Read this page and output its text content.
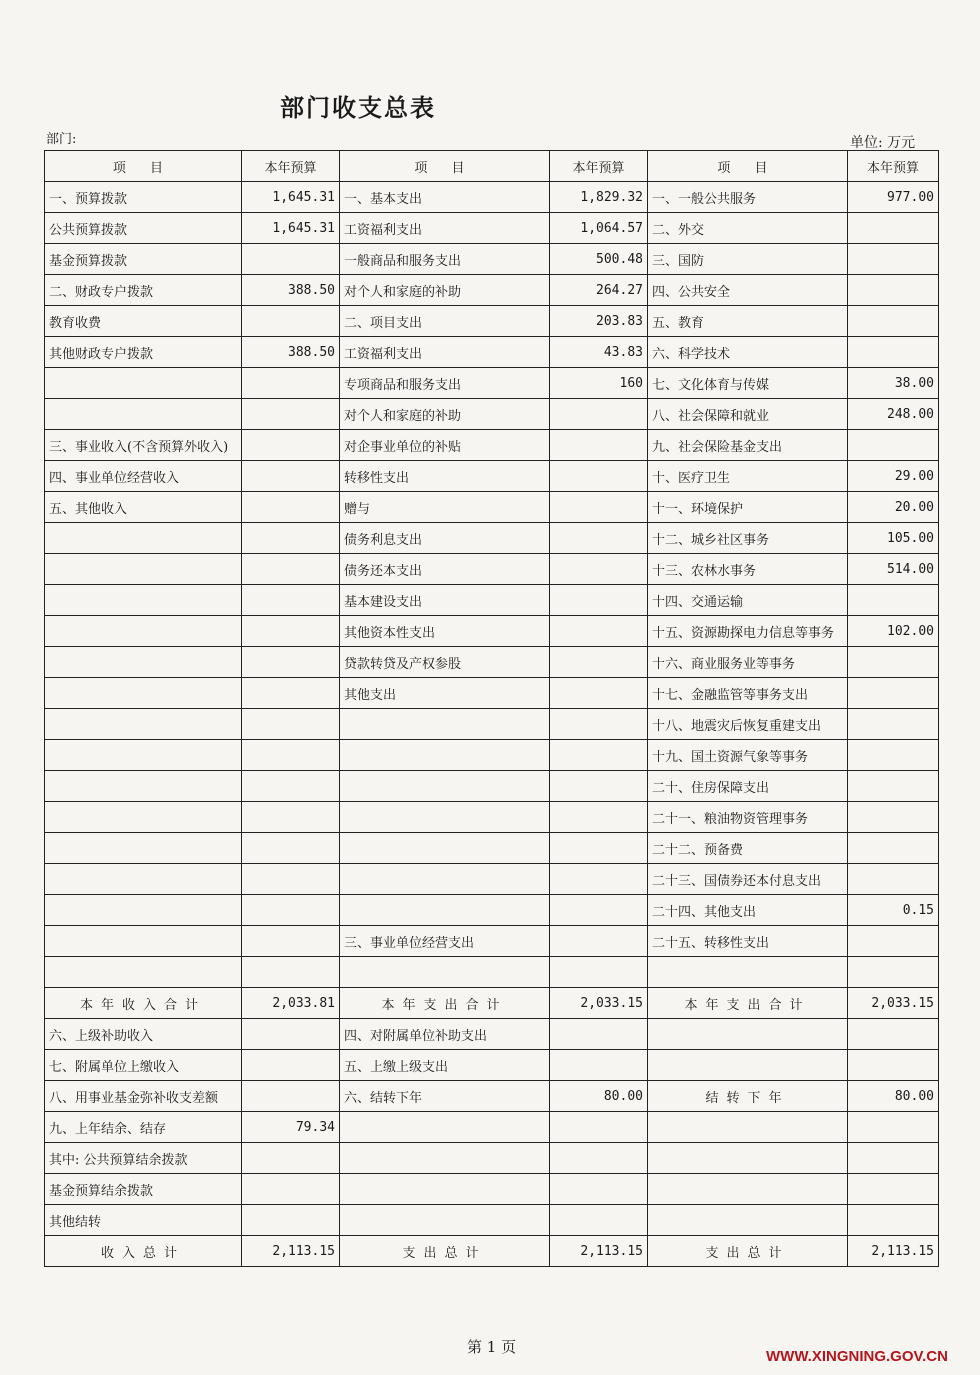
部门收支总表
部门:	单位: 万元
项 目	本年预算	项 目	本年预算	项 目	本年预算
一、预算拨款	1,645.31	一、基本支出	1,829.32	一、一般公共服务	977.00
公共预算拨款	1,645.31	工资福利支出	1,064.57	二、外交	
基金预算拨款		一般商品和服务支出	500.48	三、国防	
二、财政专户拨款	388.50	对个人和家庭的补助	264.27	四、公共安全	
教育收费		二、项目支出	203.83	五、教育	
其他财政专户拨款	388.50	工资福利支出	43.83	六、科学技术	
		专项商品和服务支出	160	七、文化体育与传媒	38.00
		对个人和家庭的补助		八、社会保障和就业	248.00
三、事业收入(不含预算外收入)		对企事业单位的补贴		九、社会保险基金支出	
四、事业单位经营收入		转移性支出		十、医疗卫生	29.00
五、其他收入		赠与		十一、环境保护	20.00
		债务利息支出		十二、城乡社区事务	105.00
		债务还本支出		十三、农林水事务	514.00
		基本建设支出		十四、交通运输	
		其他资本性支出		十五、资源勘探电力信息等事务	102.00
		贷款转贷及产权参股		十六、商业服务业等事务	
		其他支出		十七、金融监管等事务支出	
				十八、地震灾后恢复重建支出	
				十九、国土资源气象等事务	
				二十、住房保障支出	
				二十一、粮油物资管理事务	
				二十二、预备费	
				二十三、国债券还本付息支出	
				二十四、其他支出	0.15
		三、事业单位经营支出		二十五、转移性支出	

本年收入合计	2,033.81	本年支出合计	2,033.15	本年支出合计	2,033.15
六、上级补助收入		四、对附属单位补助支出			
七、附属单位上缴收入		五、上缴上级支出			
八、用事业基金弥补收支差额		六、结转下年	80.00	结转下年	80.00
九、上年结余、结存	79.34				
其中: 公共预算结余拨款					
基金预算结余拨款					
其他结转					
收入总计	2,113.15	支出总计	2,113.15	支出总计	2,113.15
第 1 页
WWW.XINGNING.GOV.CN
